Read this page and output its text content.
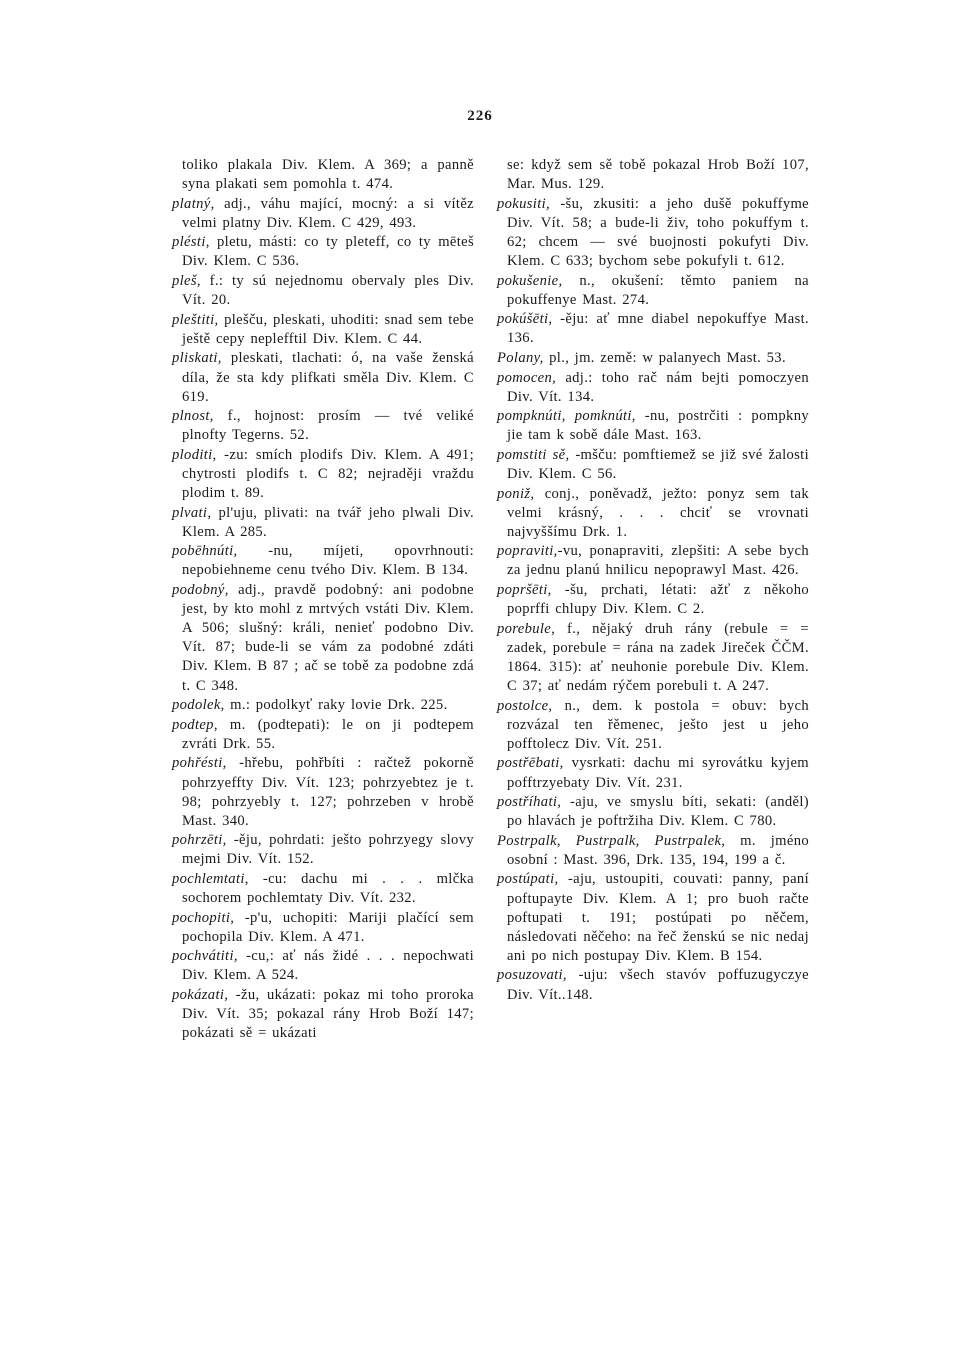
226

toliko plakala Div. Klem. A 369; a panně syna plakati sem pomohla t. 474.

platný, adj., váhu mající, mocný: a si vítěz velmi platny Div. Klem. C 429, 493.

plésti, pletu, másti: co ty pleteff, co ty mēteš Div. Klem. C 536.

pleš, f.: ty sú nejednomu obervaly ples Div. Vít. 20.

pleštiti, plešču, pleskati, uhoditi: snad sem tebe ještě cepy neplefftil Div. Klem. C 44.

pliskati, pleskati, tlachati: ó, na vaše ženská díla, že sta kdy plifkati směla Div. Klem. C 619.

plnost, f., hojnost: prosím — tvé veliké plnofty Tegerns. 52.

ploditi, -zu: smích plodifs Div. Klem. A 491; chytrosti plodifs t. C 82; nejraději vraždu plodim t. 89.

plvati, pl'uju, plivati: na tvář jeho plwali Div. Klem. A 285.

pobēhnúti, -nu, míjeti, opovrhnouti: nepobiehneme cenu tvého Div. Klem. B 134.

podobný, adj., pravdě podobný: ani podobne jest, by kto mohl z mrtvých vstáti Div. Klem. A 506; slušný: králi, nenieť podobno Div. Vít. 87; bude-li se vám za podobné zdáti Div. Klem. B 87 ; ač se tobě za podobne zdá t. C 348.

podolek, m.: podolkyť raky lovie Drk. 225.

podtep, m. (podtepati): le on ji podtepem zvráti Drk. 55.

pohřésti, -hřebu, pohřbíti : račtež pokorně pohrzyeffty Div. Vít. 123; pohrzyebtez je t. 98; pohrzyebly t. 127; pohrzeben v hrobě Mast. 340.

pohrzēti, -ěju, pohrdati: ješto pohrzyegy slovy mejmi Div. Vít. 152.

pochlemtati, -cu: dachu mi . . . mlčka sochorem pochlemtaty Div. Vít. 232.

pochopiti, -p'u, uchopiti: Mariji plačící sem pochopila Div. Klem. A 471.

pochvátiti, -cu,: ať nás židé . . . nepochwati Div. Klem. A 524.

pokázati, -žu, ukázati: pokaz mi toho proroka Div. Vít. 35; pokazal rány Hrob Boží 147; pokázati sě = ukázati

se: když sem sě tobě pokazal Hrob Boží 107, Mar. Mus. 129.

pokusiti, -šu, zkusiti: a jeho dušě pokuffyme Div. Vít. 58; a bude-li živ, toho pokuffym t. 62; chcem — své buojnosti pokufyti Div. Klem. C 633; bychom sebe pokufyli t. 612.

pokušenie, n., okušení: těmto paniem na pokuffenye Mast. 274.

pokúšēti, -ěju: ať mne diabel nepokuffye Mast. 136.

Polany, pl., jm. země: w palanyech Mast. 53.

pomocen, adj.: toho rač nám bejti pomoczyen Div. Vít. 134.

pompknúti, pomknúti, -nu, postrčiti : pompkny jie tam k sobě dále Mast. 163.

pomstiti sě, -mšču: pomftiemež se již své žalosti Div. Klem. C 56.

poniž, conj., poněvadž, ježto: ponyz sem tak velmi krásný, . . . chciť se vrovnati najvyššímu Drk. 1.

popraviti,-vu, ponapraviti, zlepšiti: A sebe bych za jednu planú hnilicu nepoprawyl Mast. 426.

popršēti, -šu, prchati, létati: ažť z někoho poprffi chlupy Div. Klem. C 2.

porebule, f., nějaký druh rány (rebule = = zadek, porebule = rána na zadek Jireček ČČM. 1864. 315): ať neuhonie porebule Div. Klem. C 37; ať nedám rýčem porebuli t. A 247.

postolce, n., dem. k postola = obuv: bych rozvázal ten řěmenec, ješto jest u jeho pofftolecz Div. Vít. 251.

postřēbati, vysrkati: dachu mi syrovátku kyjem pofftrzyebaty Div. Vít. 231.

postříhati, -aju, ve smyslu bíti, sekati: (anděl) po hlavách je poftržiha Div. Klem. C 780.

Postrpalk, Pustrpalk, Pustrpalek, m. jméno osobní : Mast. 396, Drk. 135, 194, 199 a č.

postúpati, -aju, ustoupiti, couvati: panny, paní poftupayte Div. Klem. A 1; pro buoh račte poftupati t. 191; postúpati po něčem, následovati něčeho: na řeč ženskú se nic nedaj ani po nich postupay Div. Klem. B 154.

posuzovati, -uju: všech stavóv poffuzugyczye Div. Vít..148.
